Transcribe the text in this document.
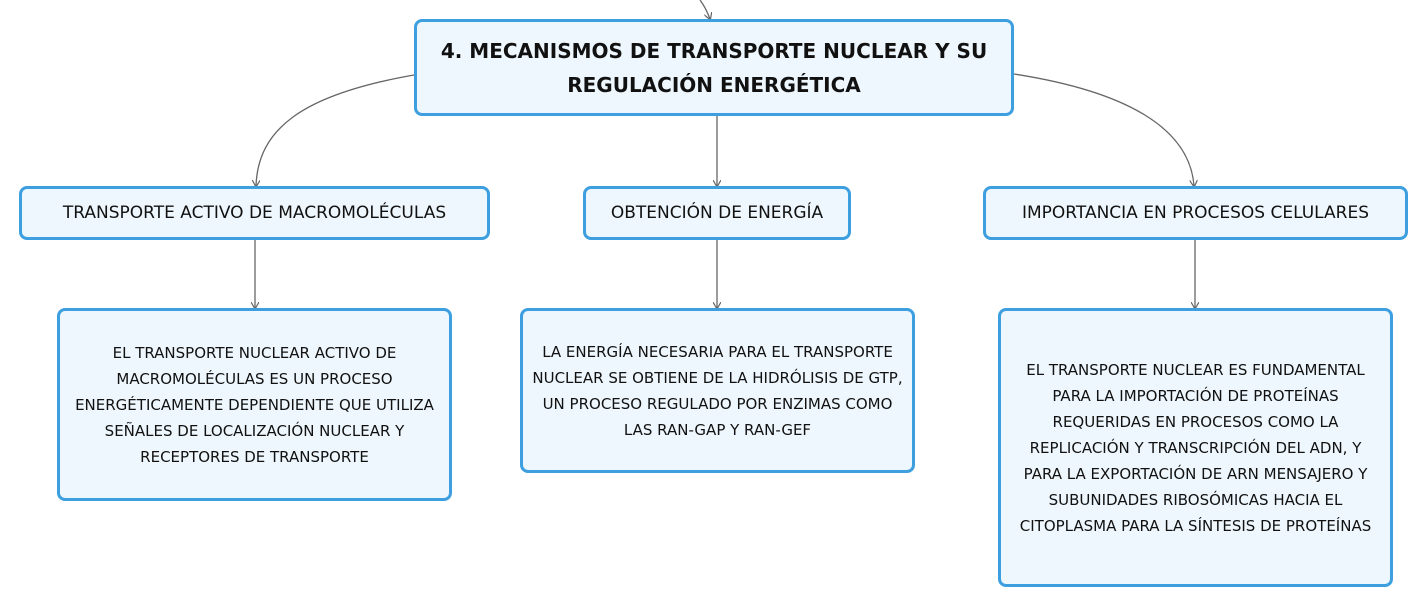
4. MECANISMOS DE TRANSPORTE NUCLEAR Y SU REGULACIÓN ENERGÉTICA
TRANSPORTE ACTIVO DE MACROMOLÉCULAS	OBTENCIÓN DE ENERGÍA	IMPORTANCIA EN PROCESOS CELULARES
EL TRANSPORTE NUCLEAR ACTIVO DE MACROMOLÉCULAS ES UN PROCESO ENERGÉTICAMENTE DEPENDIENTE QUE UTILIZA SEÑALES DE LOCALIZACIÓN NUCLEAR Y RECEPTORES DE TRANSPORTE
LA ENERGÍA NECESARIA PARA EL TRANSPORTE NUCLEAR SE OBTIENE DE LA HIDRÓLISIS DE GTP, UN PROCESO REGULADO POR ENZIMAS COMO LAS RAN-GAP Y RAN-GEF
EL TRANSPORTE NUCLEAR ES FUNDAMENTAL PARA LA IMPORTACIÓN DE PROTEÍNAS REQUERIDAS EN PROCESOS COMO LA REPLICACIÓN Y TRANSCRIPCIÓN DEL ADN, Y PARA LA EXPORTACIÓN DE ARN MENSAJERO Y SUBUNIDADES RIBOSÓMICAS HACIA EL CITOPLASMA PARA LA SÍNTESIS DE PROTEÍNAS
